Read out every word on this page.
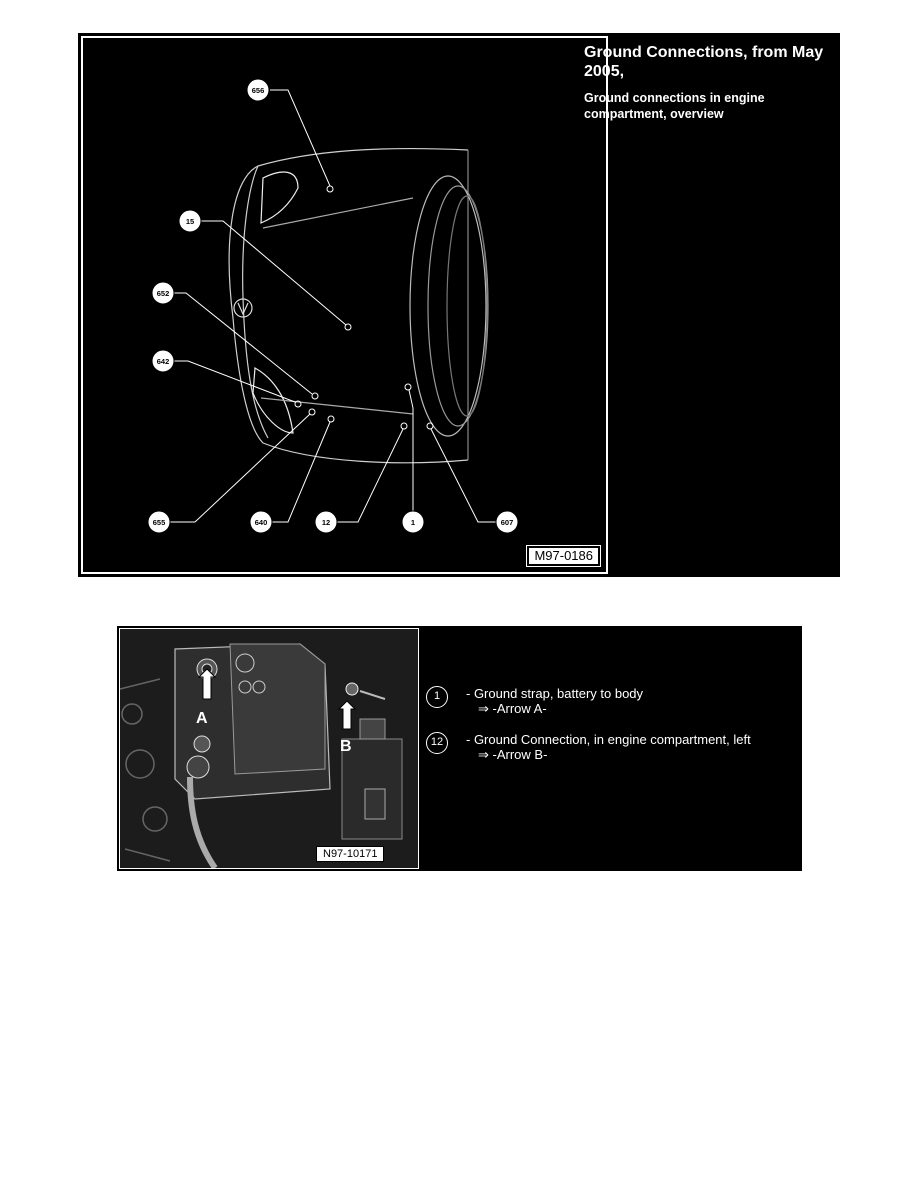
656
15
652
642
655	640	12	1	607
M97-0186

Ground Connections, from May 2005,

Ground connections in engine compartment, overview

A
B
N97-10171
1	- Ground strap, battery to body
⇒ -Arrow A-
12	- Ground Connection, in engine compartment, left
⇒ -Arrow B-
